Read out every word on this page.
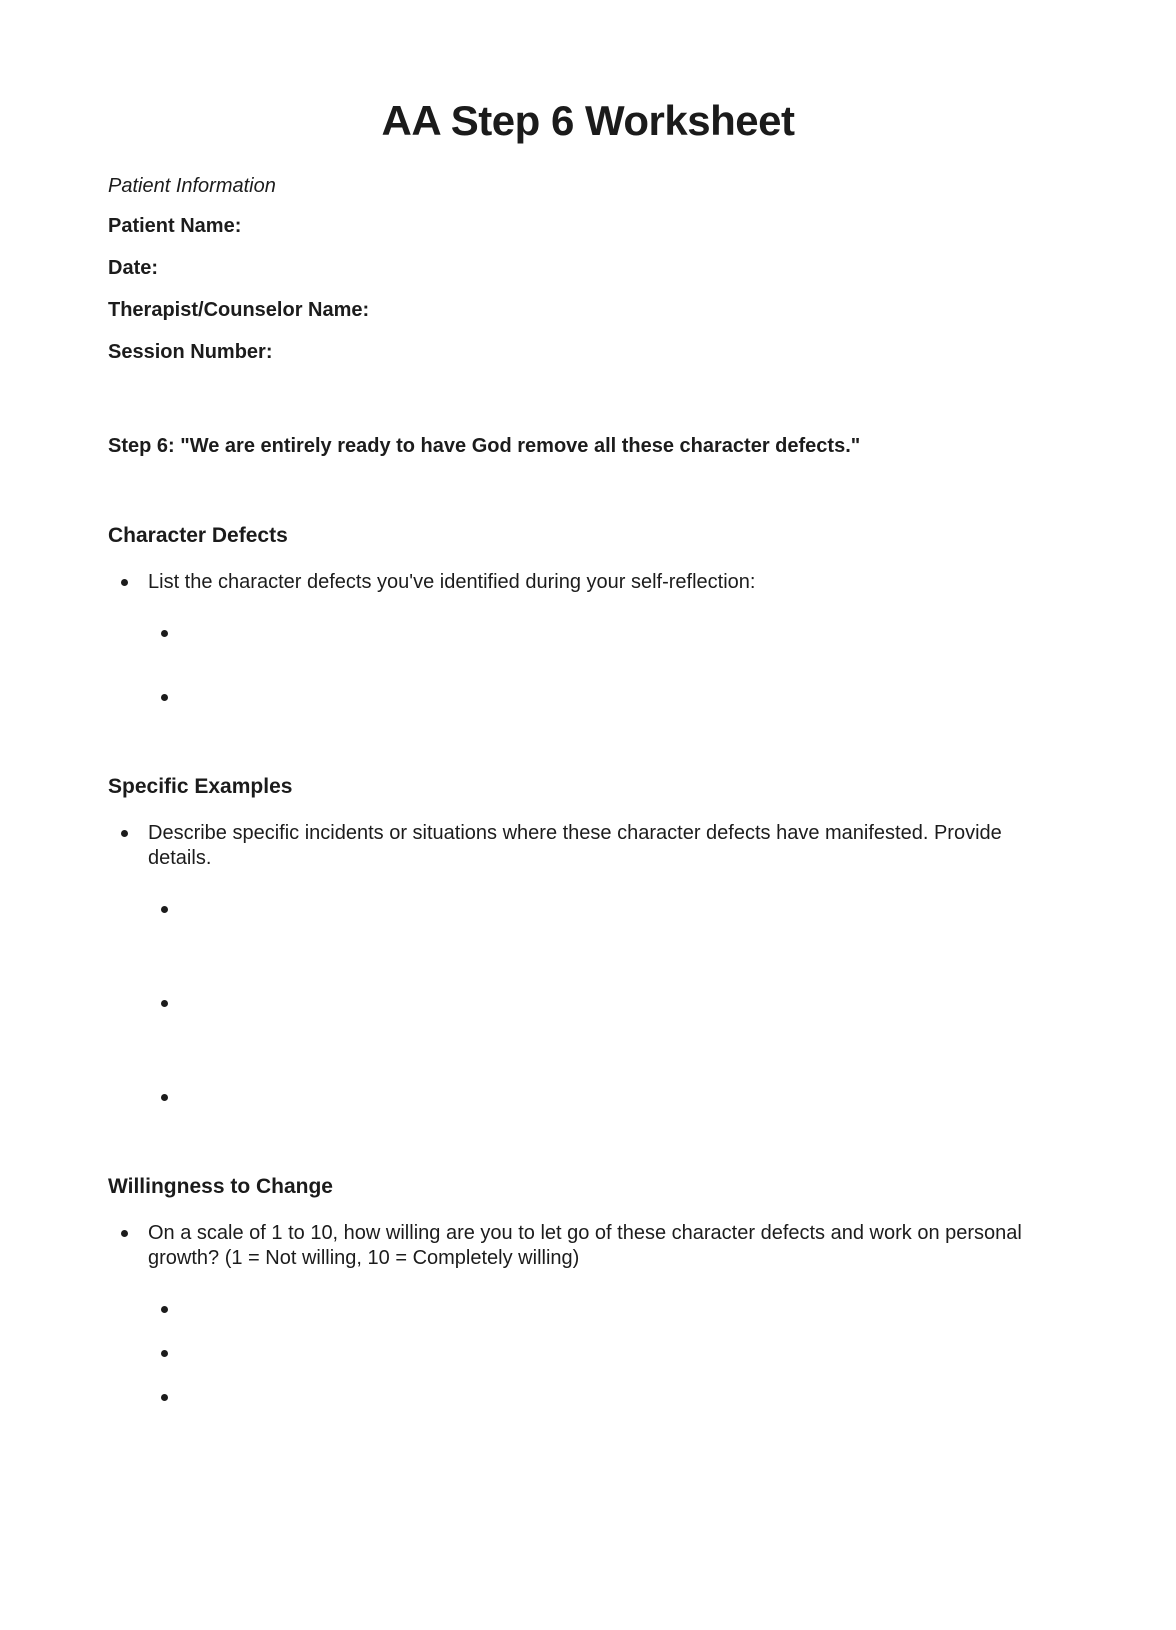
AA Step 6 Worksheet

Patient Information

Patient Name:

Date:

Therapist/Counselor Name:

Session Number:

Step 6: "We are entirely ready to have God remove all these character defects."

Character Defects
List the character defects you've identified during your self-reflection:
Specific Examples
Describe specific incidents or situations where these character defects have manifested. Provide details.
Willingness to Change
On a scale of 1 to 10, how willing are you to let go of these character defects and work on personal growth? (1 = Not willing, 10 = Completely willing)
